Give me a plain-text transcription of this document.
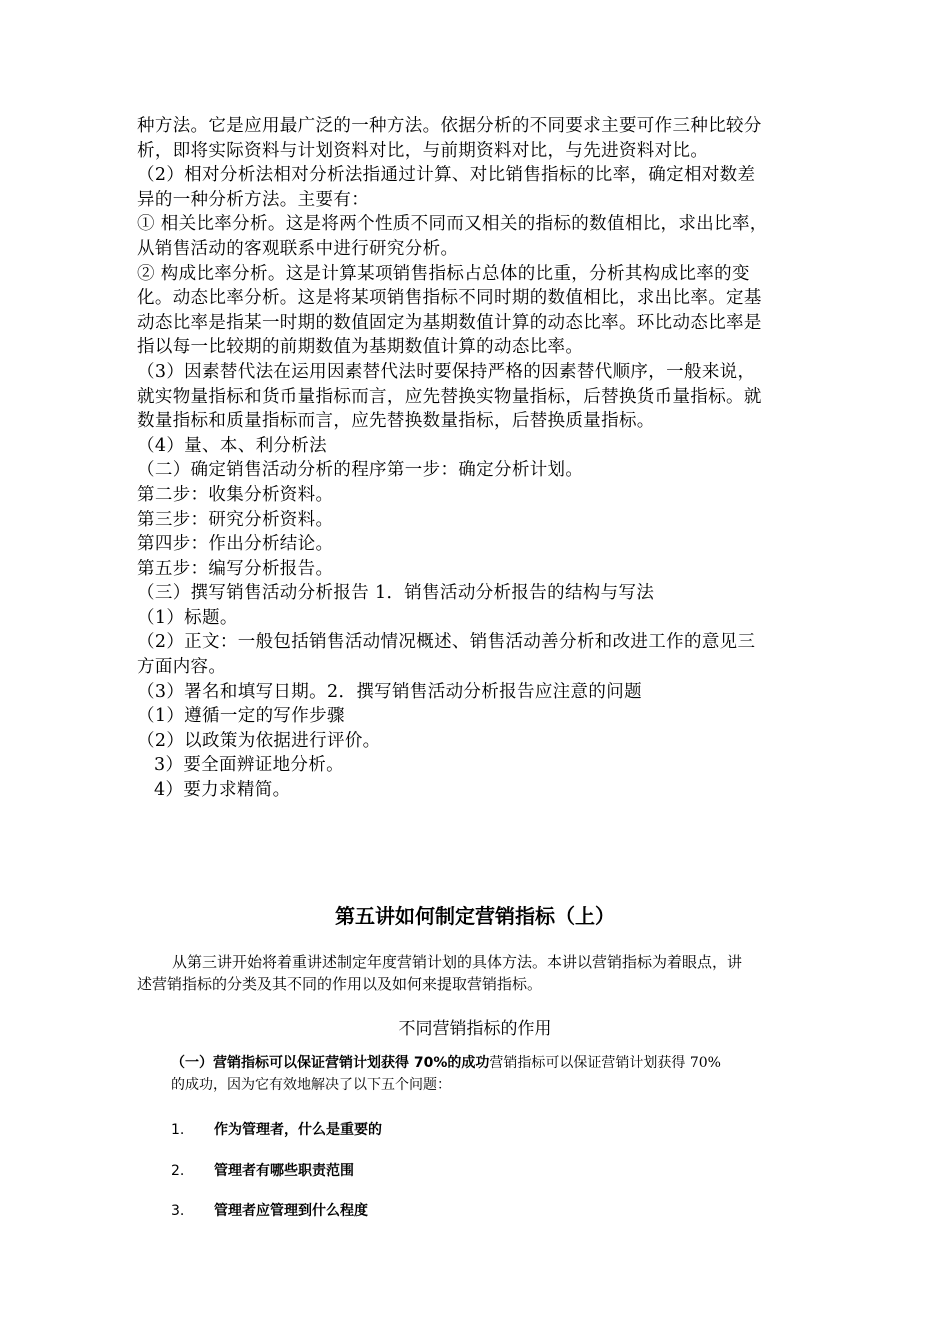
种方法。它是应用最广泛的一种方法。依据分析的不同要求主要可作三种比较分
析，即将实际资料与计划资料对比，与前期资料对比，与先进资料对比。
（2）相对分析法相对分析法指通过计算、对比销售指标的比率，确定相对数差
异的一种分析方法。主要有：
① 相关比率分析。这是将两个性质不同而又相关的指标的数值相比，求出比率，
从销售活动的客观联系中进行研究分析。
② 构成比率分析。这是计算某项销售指标占总体的比重，分析其构成比率的变
化。动态比率分析。这是将某项销售指标不同时期的数值相比，求出比率。定基
动态比率是指某一时期的数值固定为基期数值计算的动态比率。环比动态比率是
指以每一比较期的前期数值为基期数值计算的动态比率。
（3）因素替代法在运用因素替代法时要保持严格的因素替代顺序，一般来说，
就实物量指标和货币量指标而言，应先替换实物量指标，后替换货币量指标。就
数量指标和质量指标而言，应先替换数量指标，后替换质量指标。
（4）量、本、利分析法
（二）确定销售活动分析的程序第一步：确定分析计划。
第二步：收集分析资料。
第三步：研究分析资料。
第四步：作出分析结论。
第五步：编写分析报告。
（三）撰写销售活动分析报告 1．销售活动分析报告的结构与写法
（1）标题。
（2）正文：一般包括销售活动情况概述、销售活动善分析和改进工作的意见三
方面内容。
（3）署名和填写日期。2．撰写销售活动分析报告应注意的问题
（1）遵循一定的写作步骤
（2）以政策为依据进行评价。
3）要全面辨证地分析。
4）要力求精简。
第五讲如何制定营销指标（上）

从第三讲开始将着重讲述制定年度营销计划的具体方法。本讲以营销指标为着眼点，讲

述营销指标的分类及其不同的作用以及如何来提取营销指标。

不同营销指标的作用

（一）营销指标可以保证营销计划获得 70%的成功营销指标可以保证营销计划获得 70%

的成功，因为它有效地解决了以下五个问题：

1. 作为管理者，什么是重要的
2. 管理者有哪些职责范围
3. 管理者应管理到什么程度
